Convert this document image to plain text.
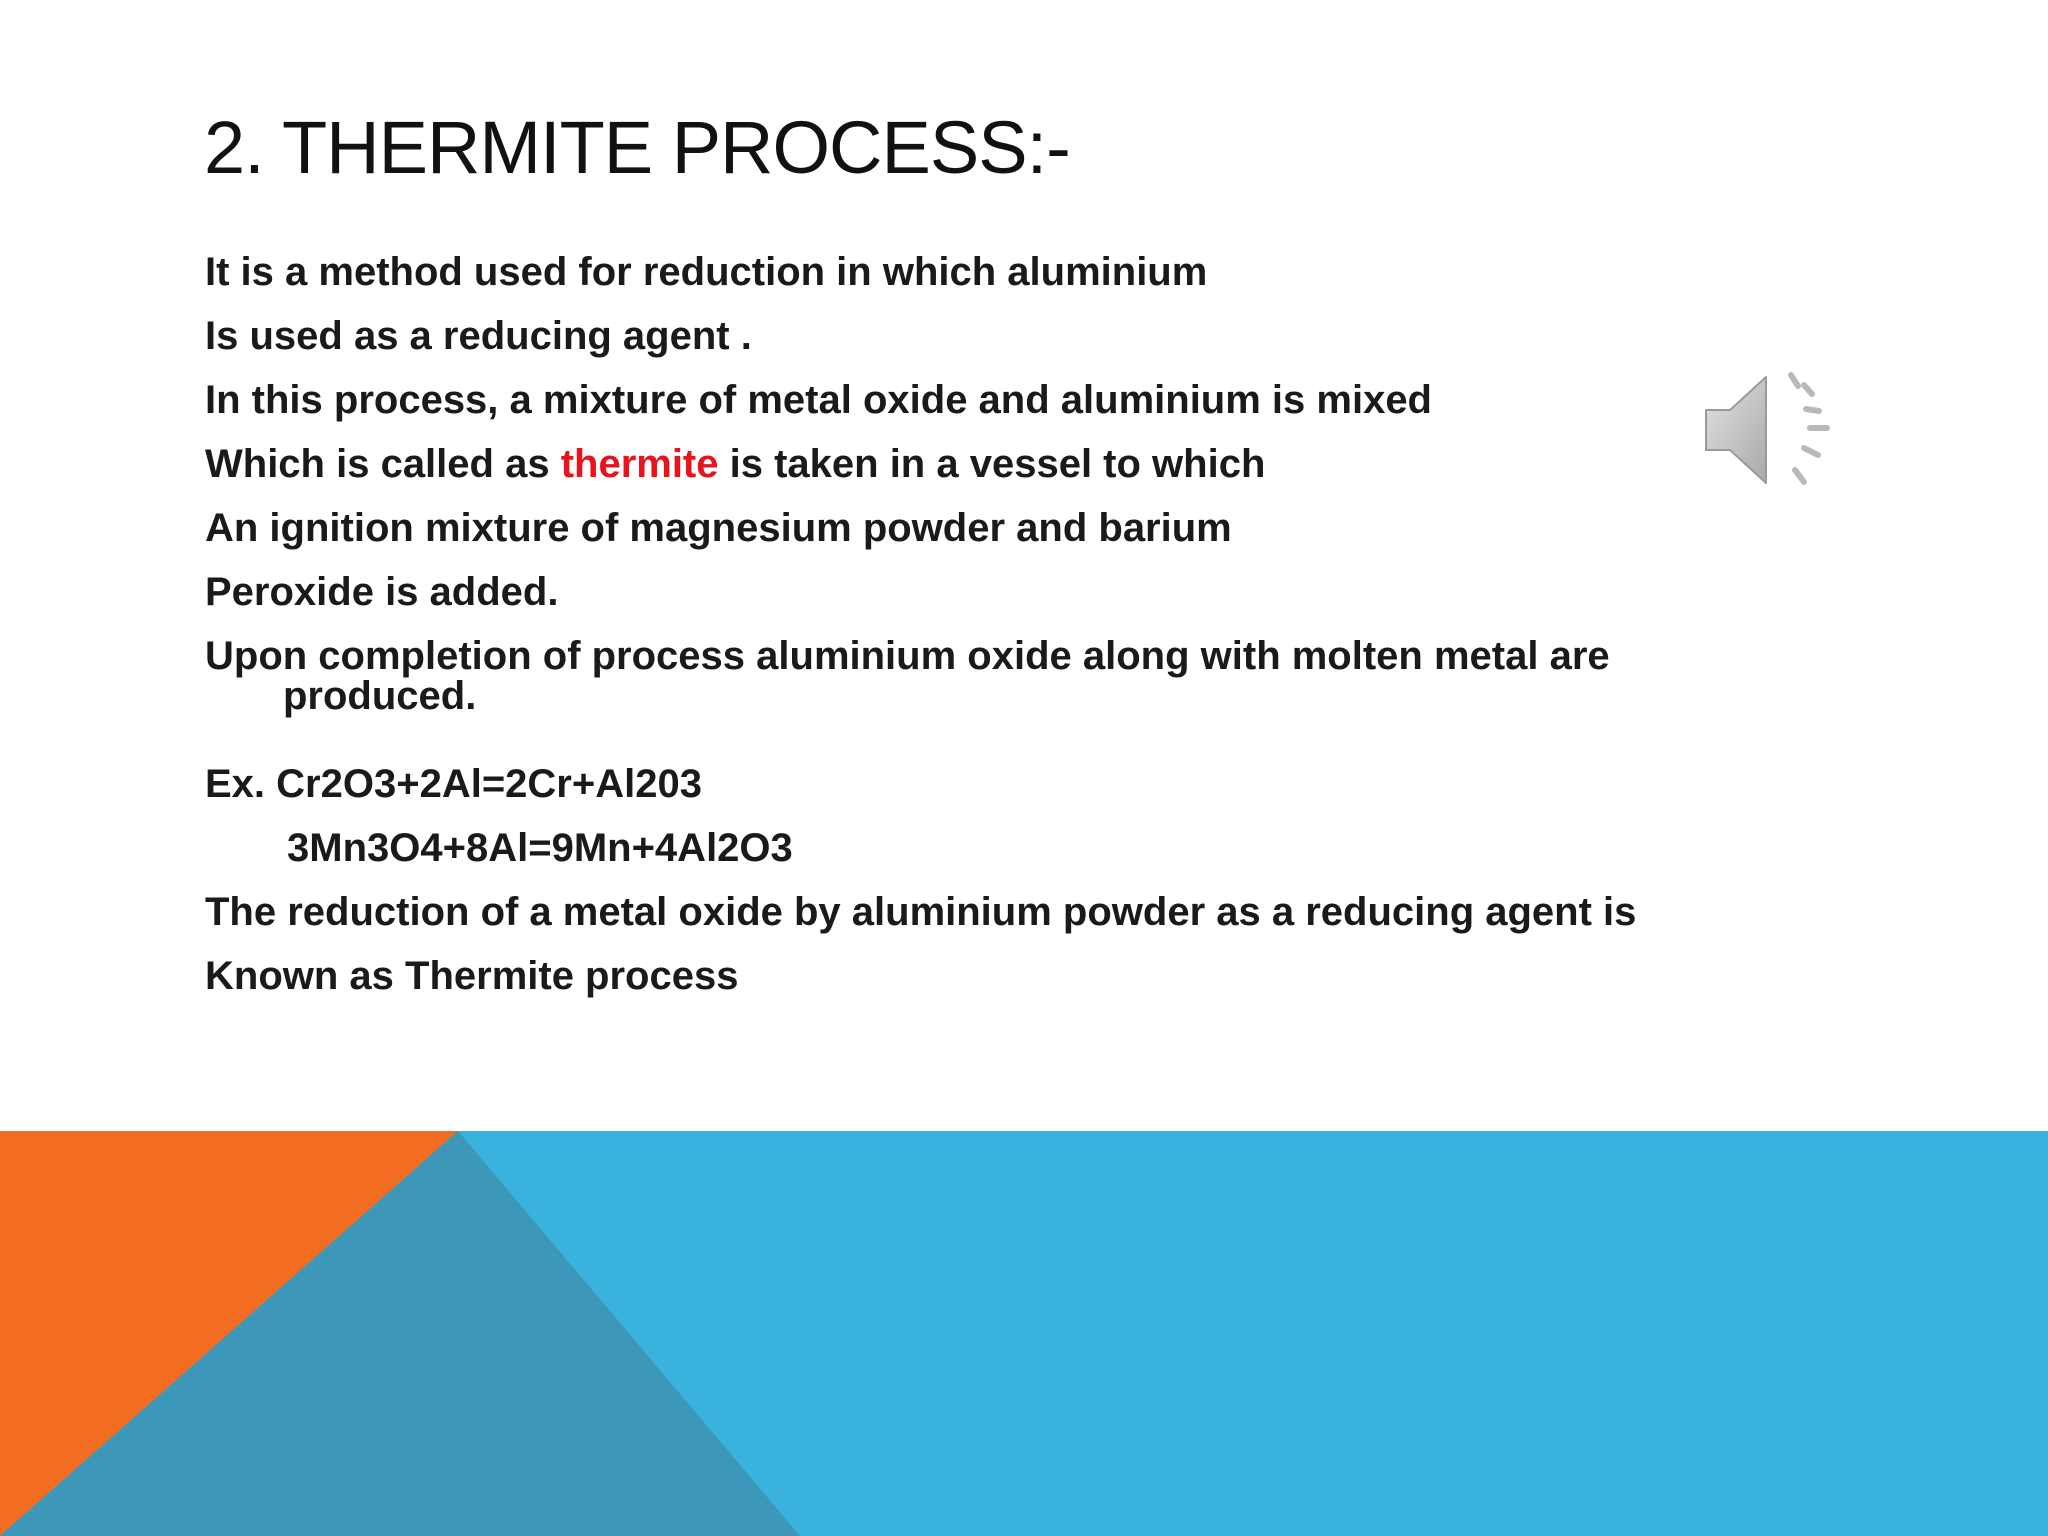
2. THERMITE PROCESS:-
It is a method used for reduction in which aluminium
Is used as a reducing agent .
In this process, a mixture of metal oxide and aluminium is mixed
Which is called as thermite is taken in a vessel to which
An ignition mixture of magnesium powder and barium
Peroxide is added.
Upon completion of process aluminium oxide along with molten metal are
produced.
Ex. Cr2O3+2Al=2Cr+Al203
3Mn3O4+8Al=9Mn+4Al2O3
The reduction of a metal oxide by aluminium powder as a reducing agent is
Known as Thermite process
